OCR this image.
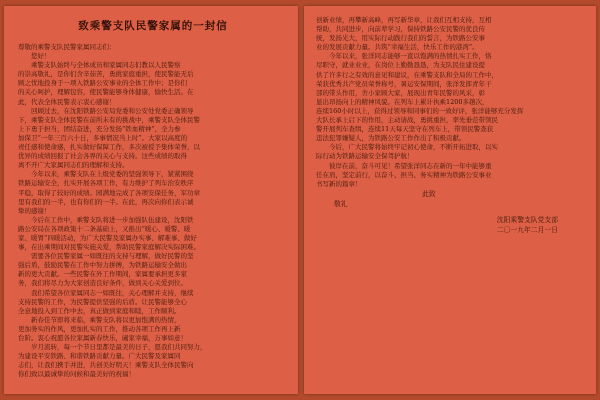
致乘警支队民警家属的一封信
尊敬的乘警支队民警家属同志们：
　　您好！
　　乘警支队始终与全体成员和家属同志们教以人民警察
的崇高敬礼，是你们含辛茹苦，勇挑家庭重担，使民警能无后
顾之忧地投身于一项入铁路公安事业的全体工作中；是你们
的关心呵护，理解包容，使民警能够身体健康，愉快生活。在
此，代表全体民警表示衷心感谢！
　　回顾过去，在沈阳铁路公安局党委和公安处党委正确领导
下，乘警支队全体民警在前所未有的挑战中，乘警支队全体民警
上下勇于担当，团结奋进，充分发扬“铁血精神”，全力参
加保卫“一年三百六十日，多事情况当上时”。大家以高度的
责任感和使命感，扎实做好保障工作，多次被授予集体荣誉，以
优异的成绩回报了社会各界的关心与支持。这些成绩的取得
离不开广大家属同志们的理解和支持。
　　今年以来，乘警支队在上级党委的坚强领导下，紧紧围绕
铁路运输安全，扎实开展各项工作，有力维护了列车治安秩序
平稳，取得了较好的成绩。园满地完成了各项安保任务，军功章
里有我们的一半，也有你们的一半。在此，再次向你们表示诚
挚的感谢！
　　今后在工作中，乘警支队将进一步加强队伍建设，沈阳铁
路公安局在各项政策十二条基础上，又推出“暖心、暖警、暖
家、暖胃”四暖活动，为广大民警及家属办实事、解难事、做好
事，在出乘期间对民警实施关爱，帮助民警家庭解决实际困难。
　　需要各位民警家属一如既往的支持与理解，做好民警的坚
强后盾，鼓励民警在工作中努力拼搏，为铁路运输安全做出
新的更大贡献。一些民警在外工作期间，家属要承担更多家
务，我们将尽力为大家创造良好条件，做到关心关爱到位。
　　我们希望各位家属同志一如既往，关心理解并支持，继续
支持民警的工作，为民警提供坚强的后盾。让民警能够全心
全意地投入到工作中去，真正做到家庭和睦，工作顺利。
　　新春佳节即将来临，乘警支队将以更加饱满的热情，
更加务实的作风，更加扎实的工作，推动各项工作再上新
台阶。衷心祝愿各位家属新春快乐，阖家幸福，万事如意！
　　岁月流转，每一个节日里都是最美的日子，愿我们共同努力，
为建设平安铁路、和谐铁路贡献力量。广大民警及家属同
志们，让我们携手并进，共创美好明天！乘警支队全体民警向
你们致以最诚挚的问候和最美好的祝福！
创新业绩，再攀新高峰，再写新华章，让我们互相支持，互相
帮助，共同进步，向前辈学习，保持铁路公安民警的优良传
统，发扬光大，用实际行动践行我们的誓言，为铁路公安事
业的发展贡献力量。共筑“幸福生活，快乐工作的港湾”。
　　今年以来，张洋同志能够一直以饱满的热情扎实工作，恪
尽职守，就业业业，在岗位上勤勤恳恳，为支队民住建设提
供了许多行之有效的意见和建议，在乘警支队和全局的工作中，
荣获优秀共产党员荣誉称号，暑运安保期间，张洋发挥青年干
部的带头作用，舍小家顾大家，展现出青年民警的风采，彰
显出昂扬向上的精神风貌。在列车上累计执乘1200多趟次，
连续160小时以上，获得过领导和同事们的一致好评，张洋能够充分发挥
大队长承上启下的作用，主动请战，勇挑重担，率先垂范带领民
警开展列车查缉，连续11天每天坚守在列车上，带领民警查获
违法犯罪嫌疑人，为铁路公安工作作出了积极贡献。
　　今后，广大民警将始终牢记初心使命，不断开拓进取，以实
际行动为铁路运输安全保驾护航！
　　彼岸在前，奋斗可见！希望张洋同志在新的一年中能够重
任在肩，坚定前行，以奋斗、担当、务实精神为铁路公安事业
书写新的篇章！
此致
敬礼
沈阳乘警支队党支部
二〇一九年二月一日
